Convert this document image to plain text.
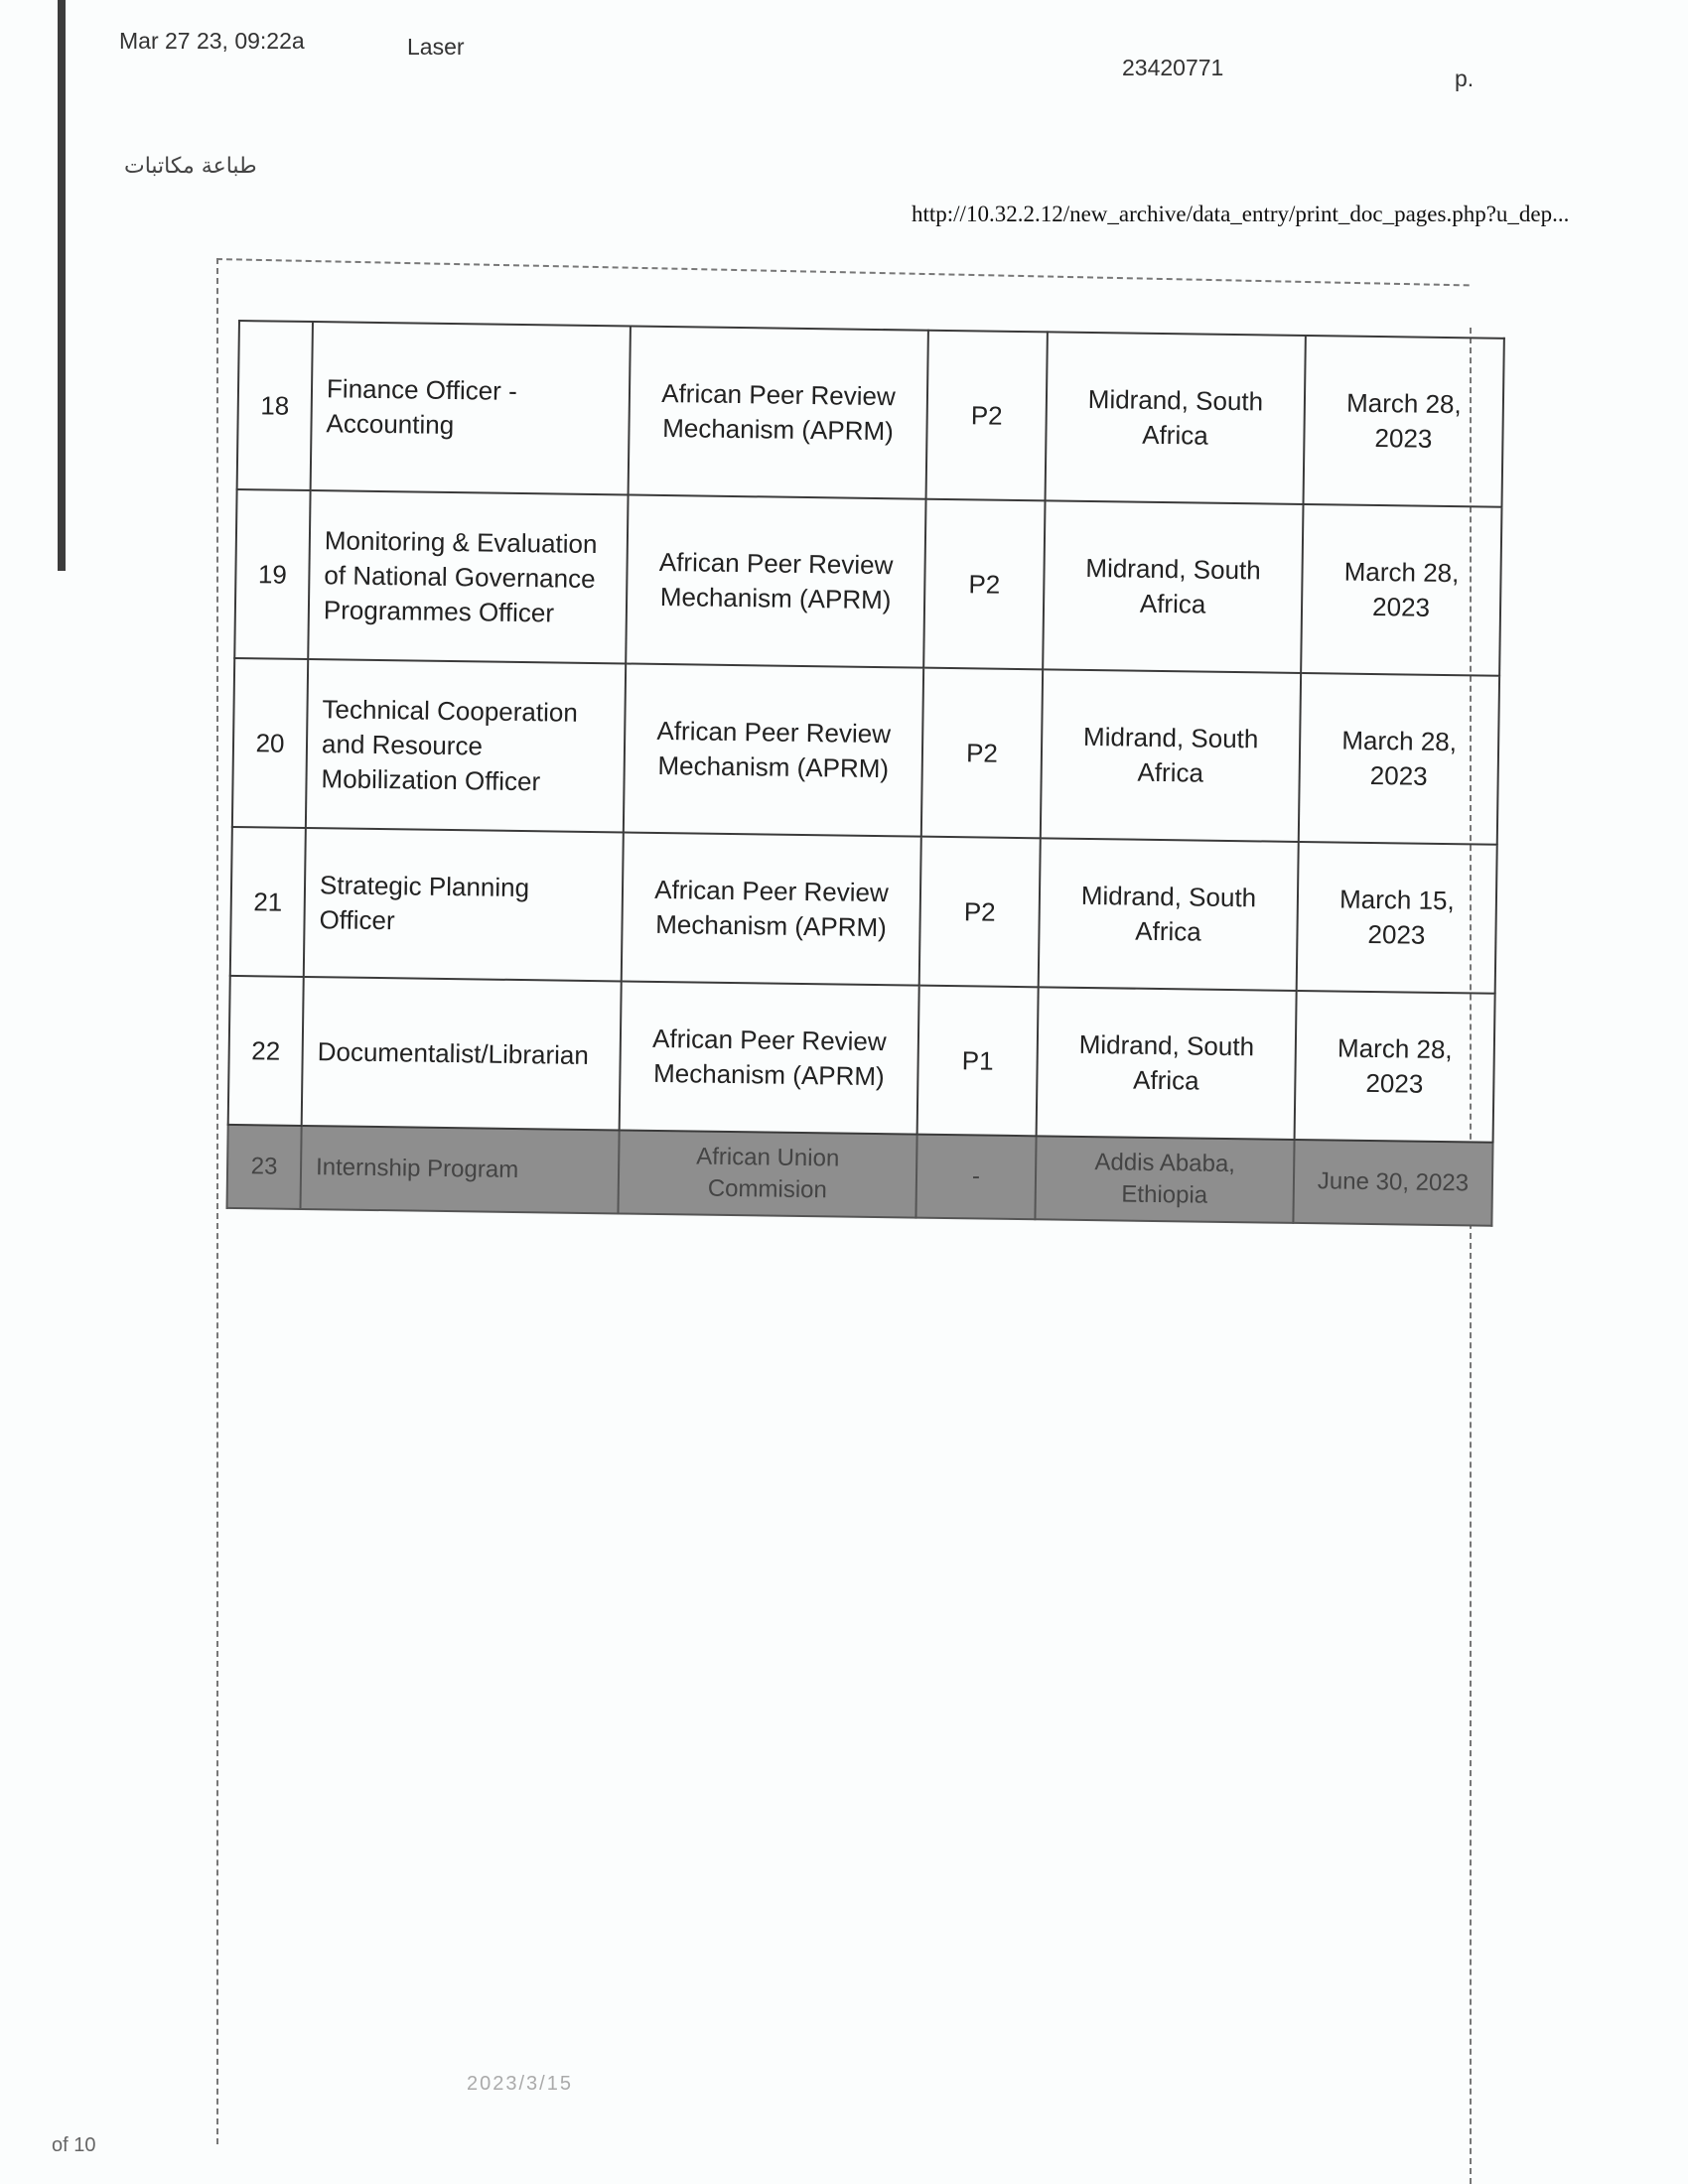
Mar 27 23, 09:22a	Laser
23420771	p.
طباعة مكاتبات
http://10.32.2.12/new_archive/data_entry/print_doc_pages.php?u_dep...
18	Finance Officer - Accounting	African Peer Review Mechanism (APRM)	P2	Midrand, South Africa	March 28, 2023
19	Monitoring & Evaluation of National Governance Programmes Officer	African Peer Review Mechanism (APRM)	P2	Midrand, South Africa	March 28, 2023
20	Technical Cooperation and Resource Mobilization Officer	African Peer Review Mechanism (APRM)	P2	Midrand, South Africa	March 28, 2023
21	Strategic Planning Officer	African Peer Review Mechanism (APRM)	P2	Midrand, South Africa	March 15, 2023
22	Documentalist/Librarian	African Peer Review Mechanism (APRM)	P1	Midrand, South Africa	March 28, 2023
23	Internship Program	African Union Commision	-	Addis Ababa, Ethiopia	June 30, 2023
2023/3/15
of 10
